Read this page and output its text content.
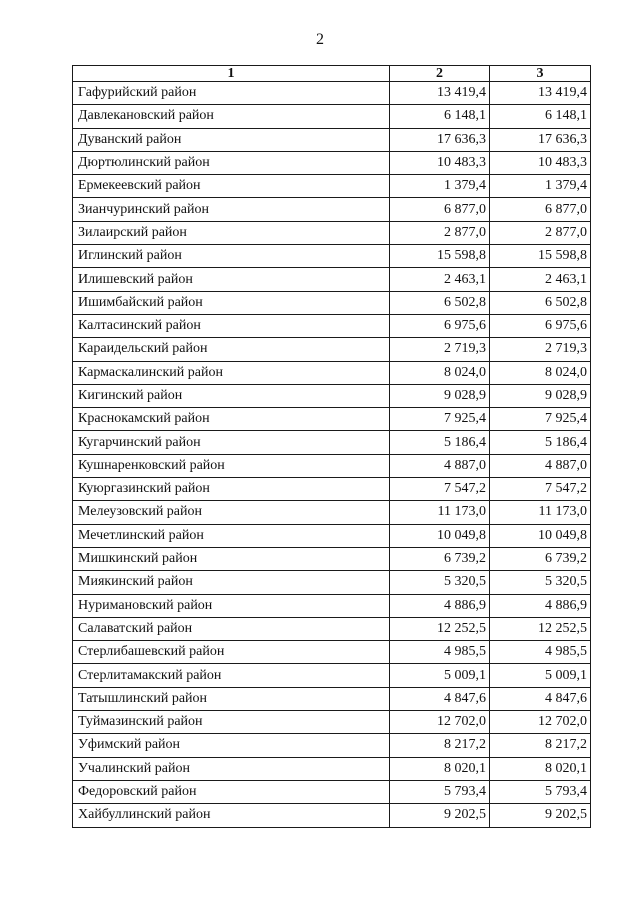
2
1	2	3
Гафурийский район	13 419,4	13 419,4
Давлекановский район	6 148,1	6 148,1
Дуванский район	17 636,3	17 636,3
Дюртюлинский район	10 483,3	10 483,3
Ермекеевский район	1 379,4	1 379,4
Зианчуринский район	6 877,0	6 877,0
Зилаирский район	2 877,0	2 877,0
Иглинский район	15 598,8	15 598,8
Илишевский район	2 463,1	2 463,1
Ишимбайский район	6 502,8	6 502,8
Калтасинский район	6 975,6	6 975,6
Караидельский район	2 719,3	2 719,3
Кармаскалинский район	8 024,0	8 024,0
Кигинский район	9 028,9	9 028,9
Краснокамский район	7 925,4	7 925,4
Кугарчинский район	5 186,4	5 186,4
Кушнаренковский район	4 887,0	4 887,0
Куюргазинский район	7 547,2	7 547,2
Мелеузовский район	11 173,0	11 173,0
Мечетлинский район	10 049,8	10 049,8
Мишкинский район	6 739,2	6 739,2
Миякинский район	5 320,5	5 320,5
Нуримановский район	4 886,9	4 886,9
Салаватский район	12 252,5	12 252,5
Стерлибашевский район	4 985,5	4 985,5
Стерлитамакский район	5 009,1	5 009,1
Татышлинский район	4 847,6	4 847,6
Туймазинский район	12 702,0	12 702,0
Уфимский район	8 217,2	8 217,2
Учалинский район	8 020,1	8 020,1
Федоровский район	5 793,4	5 793,4
Хайбуллинский район	9 202,5	9 202,5
